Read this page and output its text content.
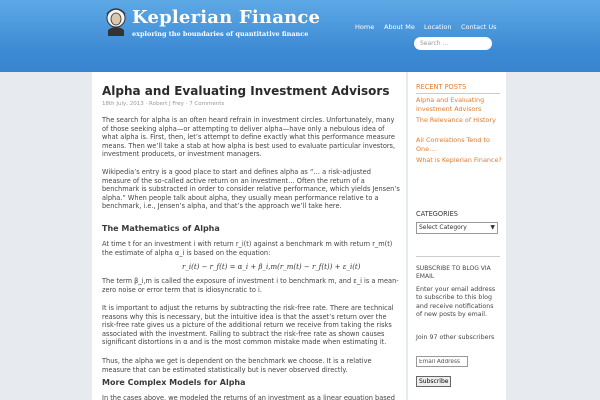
Keplerian Finance
exploring the boundaries of quantitative finance
Home About Me Location Contact Us
Search ...
Alpha and Evaluating Investment Advisors
18th July, 2013 · Robert J Frey · 7 Comments

The search for alpha is an often heard refrain in investment circles. Unfortunately, many of those seeking alpha—or attempting to deliver alpha—have only a nebulous idea of what alpha is. First, then, let’s attempt to define exactly what this performance measure means. Then we’ll take a stab at how alpha is best used to evaluate particular investors, investment producets, or investment managers.

Wikipedia’s entry is a good place to start and defines alpha as “… a risk-adjusted measure of the so-called active return on an investment… Often the return of a benchmark is substracted in order to consider relative performance, which yields Jensen’s alpha.” When people talk about alpha, they usually mean performance relative to a benchmark, i.e., Jensen’s alpha, and that’s the approach we’ll take here.

The Mathematics of Alpha

At time t for an investment i with return r_i(t) against a benchmark m with return r_m(t) the estimate of alpha α_i is based on the equation:

r_i(t) − r_f(t) = α_i + β_i,m(r_m(t) − r_f(t)) + ε_i(t)

The term β_i,m is called the exposure of investment i to benchmark m, and ε_i is a mean-zero noise or error term that is idiosyncratic to i.

It is important to adjust the returns by subtracting the risk-free rate. There are technical reasons why this is necessary, but the intuitive idea is that the asset’s return over the risk-free rate gives us a picture of the additional return we receive from taking the risks associated with the investment. Failing to subtract the risk-free rate as shown causes significant distortions in α and is the most common mistake made when estimating it.

Thus, the alpha we get is dependent on the benchmark we choose. It is a relative measure that can be estimated statistically but is never observed directly.

More Complex Models for Alpha

In the cases above, we modeled the returns of an investment as a linear equation based

RECENT POSTS

Alpha and Evaluating Investment Advisors

The Relevance of History

All Correlations Tend to One…

What is Keplerian Finance?

CATEGORIES
Select Category	▼

SUBSCRIBE TO BLOG VIA EMAIL

Enter your email address to subscribe to this blog and receive notifications of new posts by email.

Join 97 other subscribers

Email Address
Subscribe
